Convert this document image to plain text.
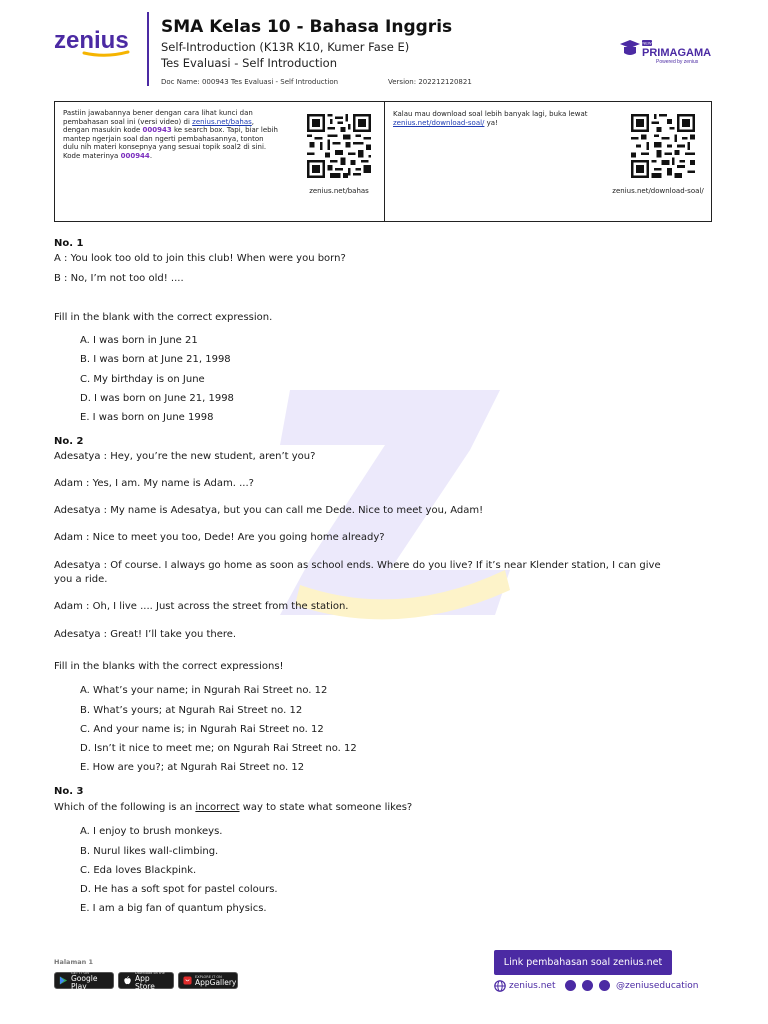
zenius SMA Kelas 10 - Bahasa Inggris
Self-Introduction (K13R K10, Kumer Fase E)
Tes Evaluasi - Self Introduction
Doc Name: 000943 Tes Evaluasi - Self Introduction	Version: 202212120821
NEW
PRIMAGAMA
Powered by zenius
Pastiin jawabannya bener dengan cara lihat kunci dan pembahasan soal ini (versi video) di zenius.net/bahas, dengan masukin kode 000943 ke search box. Tapi, biar lebih mantep ngerjain soal dan ngerti pembahasannya, tonton dulu nih materi konsepnya yang sesuai topik soal2 di sini. Kode materinya 000944.
zenius.net/bahas
Kalau mau download soal lebih banyak lagi, buka lewat zenius.net/download-soal/ ya!
zenius.net/download-soal/
No. 1
A : You look too old to join this club! When were you born?
B : No, I’m not too old! ....
Fill in the blank with the correct expression.
A. I was born in June 21
B. I was born at June 21, 1998
C. My birthday is on June
D. I was born on June 21, 1998
E. I was born on June 1998
No. 2
Adesatya : Hey, you’re the new student, aren’t you?
Adam : Yes, I am. My name is Adam. ...?
Adesatya : My name is Adesatya, but you can call me Dede. Nice to meet you, Adam!
Adam : Nice to meet you too, Dede! Are you going home already?
Adesatya : Of course. I always go home as soon as school ends. Where do you live? If it’s near Klender station, I can give
you a ride.
Adam : Oh, I live .... Just across the street from the station.
Adesatya : Great! I’ll take you there.
Fill in the blanks with the correct expressions!
A. What’s your name; in Ngurah Rai Street no. 12
B. What’s yours; at Ngurah Rai Street no. 12
C. And your name is; in Ngurah Rai Street no. 12
D. Isn’t it nice to meet me; on Ngurah Rai Street no. 12
E. How are you?; at Ngurah Rai Street no. 12
No. 3
Which of the following is an incorrect way to state what someone likes?
A. I enjoy to brush monkeys.
B. Nurul likes wall-climbing.
C. Eda loves Blackpink.
D. He has a soft spot for pastel colours.
E. I am a big fan of quantum physics.
Halaman 1
GET IT ON
Google Play
Download on the
App Store
EXPLORE IT ON
AppGallery
Link pembahasan soal zenius.net
zenius.net	@zeniuseducation
